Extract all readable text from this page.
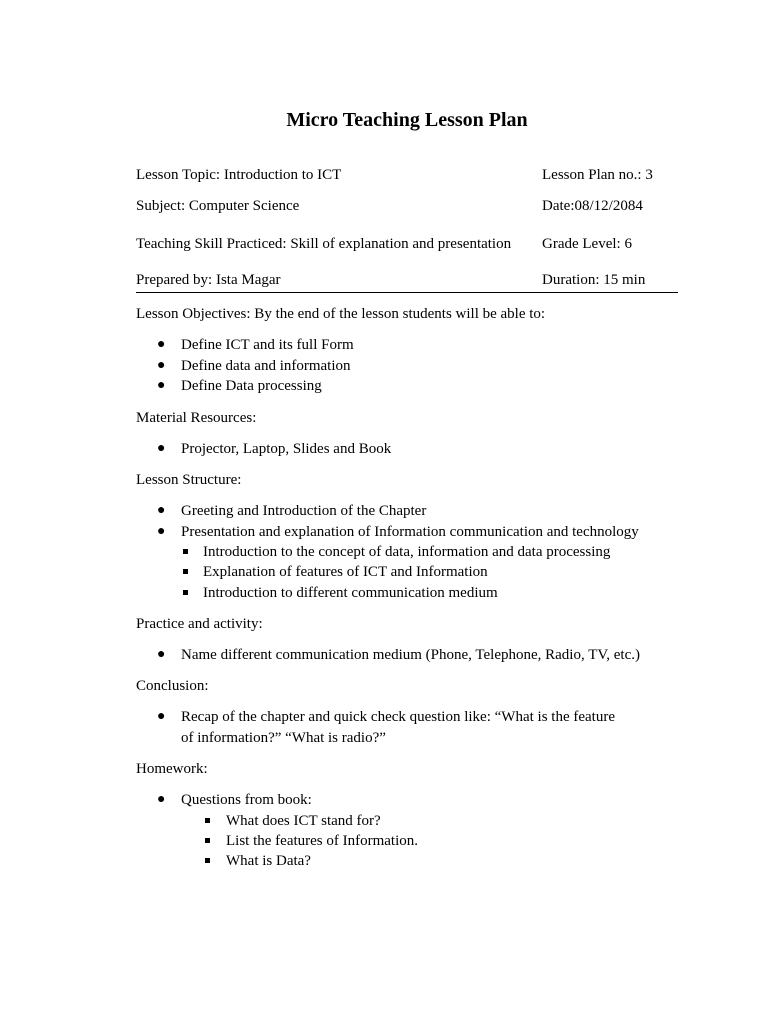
Micro Teaching Lesson Plan
Lesson Topic: Introduction to ICT	Lesson Plan no.: 3
Subject: Computer Science	Date:08/12/2084
Teaching Skill Practiced: Skill of explanation and presentation Grade Level: 6
Prepared by: Ista Magar	Duration: 15 min

Lesson Objectives: By the end of the lesson students will be able to:

● Define ICT and its full Form
● Define data and information
● Define Data processing

Material Resources:

● Projector, Laptop, Slides and Book

Lesson Structure:

● Greeting and Introduction of the Chapter
● Presentation and explanation of Information communication and technology
Introduction to the concept of data, information and data processing
Explanation of features of ICT and Information
Introduction to different communication medium

Practice and activity:

● Name different communication medium (Phone, Telephone, Radio, TV, etc.)

Conclusion:

● Recap of the chapter and quick check question like: “What is the feature of information?” “What is radio?”

Homework:

● Questions from book:
What does ICT stand for?
List the features of Information.
What is Data?
